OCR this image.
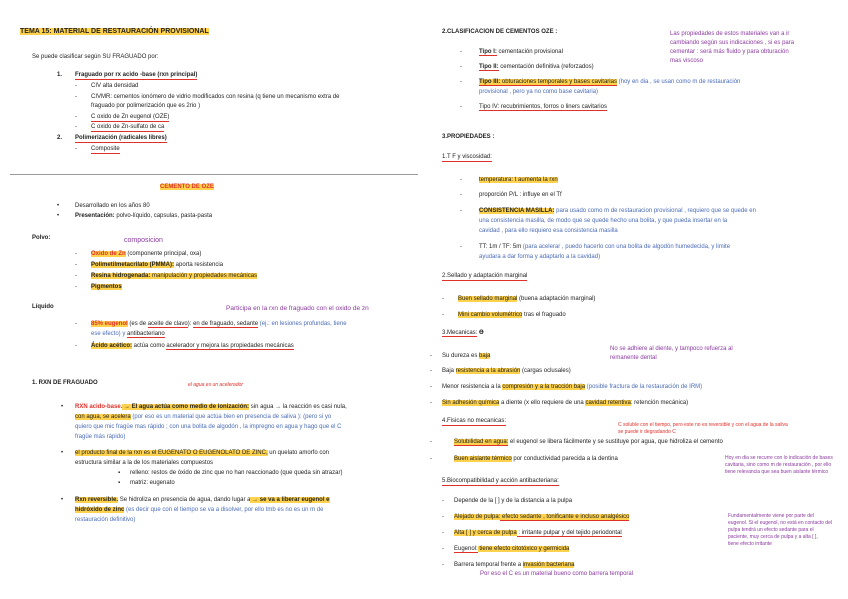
TEMA 15: MATERIAL DE RESTAURACIÓN PROVISIONAL
Se puede clasificar según SU FRAGUADO por:
1. Fraguado por rx acido -base (rxn principal)
- CIV alta densidad
- CIVMR: cementos ionómero de vidrio modificados con resina (q tiene un mecanismo extra de
fraguado por polimerización que es 2rio )
- C oxido de Zn eugenol (OZE)
- C oxido de Zn-sulfato de ca
2. Polimerización (radicales libres)
- Composite
CEMENTO DE OZE
•	Desarrollado en los años 80
•	Presentación: polvo-líquido, capsulas, pasta-pasta
Polvo:	composicion
- Oxido de Zn (componente principal, oxa)
- Polimetilmetacrilato (PMMA): aporta resistencia
- Resina hidrogenada: manipulación y propiedades mecánicas
- Pigmentos
Líquido	Participa en la rxn de fraguado con el oxido de zn
- 85% eugenol (es de aceite de clavo): en de fraguado, sedante (ej.: en lesiones profundas, tiene
ese efecto) y antibacteriano
- Ácido acético: actúa como acelerador y mejora las propiedades mecánicas
1. RXN DE FRAGUADO	el agua es un acelerador
• RXN acido-base. → El agua actúa como medio de ionización: sin agua → la reacción es casi nula,
con agua, se acelera (por eso es un material que actúa bien en presencia de saliva ): (pero si yo
quiero que mic fragüe mas rápido ; con una bolita de algodón , la impregno en agua y hago que el C
fragüe más rápido)
• el producto final de la rxn es el EUGENATO O EUGENOLATO DE ZINC, un quelato amorfo con
estructura similar a la de los materiales compuestos
▪ relleno: restos de óxido de zinc que no han reaccionado (que queda sin atrazar)
▪ matriz: eugenato
• Rxn reversible. Se hidroliza en presencia de agua, dando lugar a → se va a liberar eugenol e
hidróxido de zinc (es decir que con el tiempo se va a disolver, por ello tmb es no es un m de
restauración definitivo)
2.CLASIFICACION DE CEMENTOS OZE :	Las propiedades de estos materiales van a ir
cambiando según sus indicaciones , si es para
cementar : será más fluido y para obturación
mas viscoso
-	Tipo I: cementación provisional
-	Tipo II: cementación definitiva (reforzados)
-	Tipo III: obturaciones temporales y bases cavitarias (hoy en dia , se usan como m de restauración
provisional , pero ya no como base cavitaria)
-	Tipo IV: recubrimientos, forros o liners cavitarios
3.PROPIEDADES :
1.T F y viscosidad:
-	temperatura: t aumenta la rxn
-	proporción P/L : influye en el Tf
-	CONSISTENCIA MASILLA: para usado como m de restauracion provisional , requiero que se quede en
una consistencia masilla, de modo que se quede hecho una bolita, y que pueda insertar en la
cavidad , para ello requiero esa consistencia masilla
-	TT: 1m / TF: 5m (para acelerar , puedo hacerlo con una bolita de algodón humedecida, y limite
ayudara a dar forma y adaptarlo a la cavidad)
2.Sellado y adaptación marginal
- Buen sellado marginal (buena adaptación marginal)
- Mini cambio volumétrico tras el fraguado
3.Mecanicas: ϴ
No se adhiere al diente, y tampoco refuerza al
remanente dental
- Su dureza es baja
- Baja resistencia a la abrasión (cargas oclusales)
- Menor resistencia a la compresión y a la tracción baja (posible fractura de la restauración de IRM)
- Sin adhesión química a diente (x ello requiere de una cavidad retentiva: retención mecánica)
4.Fisicas no mecanicas:
C soluble con el tiempo, pero este no es reversible y con el agua de la saliva
se puede ir degradando C
-	Solubilidad en agua: el eugenol se libera fácilmente y se sustituye por agua, que hidroliza el cemento
-	Buen aislante térmico por conductividad parecida a la dentina	Hoy en dia se recurre con lo indicación de bases
cavitaria, sino como m de restauración , por ello
tiene relevancia que sea buen aislante térmico
5.Biocompatibilidad y acción antibacteriana:
- Depende de la [ ] y de la distancia a la pulpa
- Alejado de pulpa: efecto sedante , tonificante e incluso analgésico
- Alta [ ] y cerca de pulpa : irritante pulpar y del tejido periodontal
- Eugenol: tiene efecto citotóxico y germicida
- Barrera temporal frente a invasión bacteriana
Por eso el C es un material bueno como barrera temporal
Fundamentalmente viene por parte del
eugenol. Si el eugenol, no está en contacto del
pulpa tendrá un efecto sedante para el
paciente, muy cerca de pulpa y a alta [ ],
tiene efecto irritante
